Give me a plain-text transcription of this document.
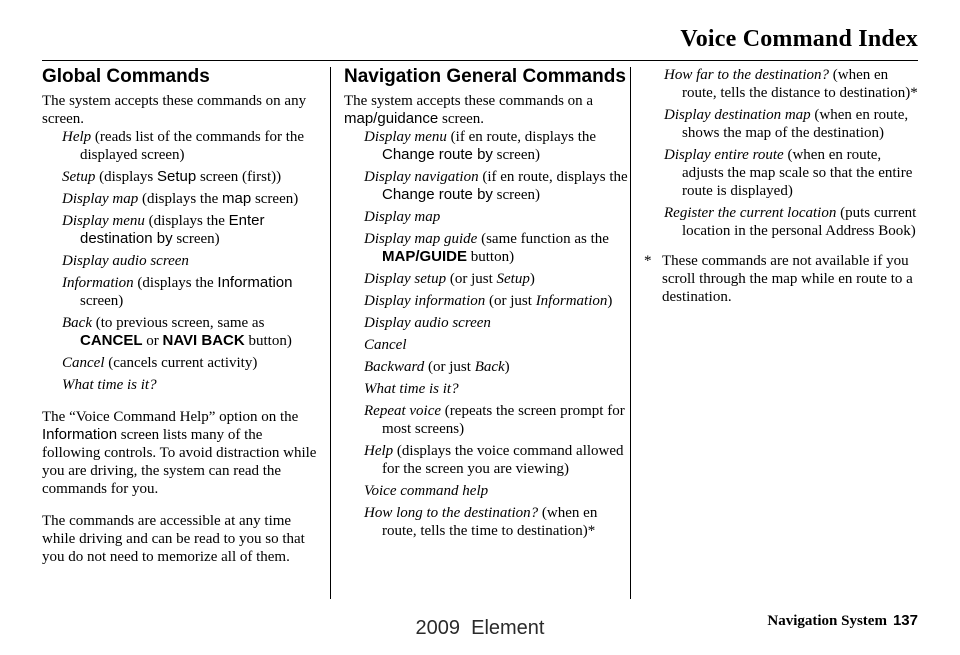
Voice Command Index
Global Commands

The system accepts these commands on any screen.

Help (reads list of the commands for the displayed screen)
Setup (displays Setup screen (first))
Display map (displays the map screen)
Display menu (displays the Enter destination by screen)
Display audio screen
Information (displays the Information screen)
Back (to previous screen, same as CANCEL or NAVI BACK button)
Cancel (cancels current activity)
What time is it?

The “Voice Command Help” option on the Information screen lists many of the following controls. To avoid distraction while you are driving, the system can read the commands for you.

The commands are accessible at any time while driving and can be read to you so that you do not need to memorize all of them.

Navigation General Commands

The system accepts these commands on a map/guidance screen.

Display menu (if en route, displays the Change route by screen)
Display navigation (if en route, displays the Change route by screen)
Display map
Display map guide (same function as the MAP/GUIDE button)
Display setup (or just Setup)
Display information (or just Information)
Display audio screen
Cancel
Backward (or just Back)
What time is it?
Repeat voice (repeats the screen prompt for most screens)
Help (displays the voice command allowed for the screen you are viewing)
Voice command help
How long to the destination? (when en route, tells the time to destination)*
How far to the destination? (when en route, tells the distance to destination)*
Display destination map (when en route, shows the map of the destination)
Display entire route (when en route, adjusts the map scale so that the entire route is displayed)
Register the current location (puts current location in the personal Address Book)
* These commands are not available if you scroll through the map while en route to a destination.
Navigation System 137
2009  Element
